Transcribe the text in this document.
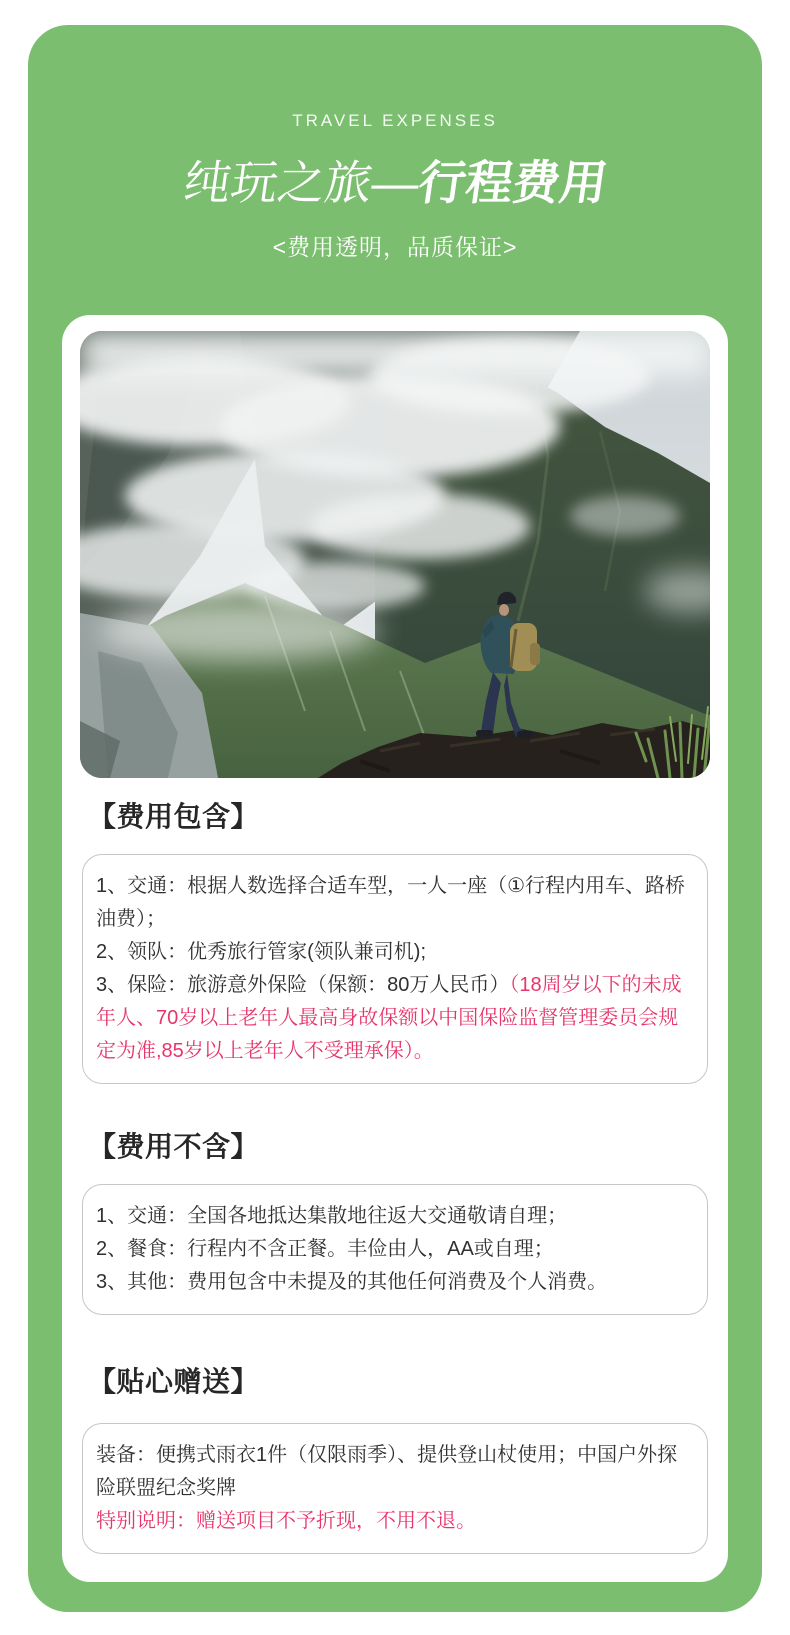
TRAVEL EXPENSES
纯玩之旅—行程费用
<费用透明，品质保证>
【费用包含】

1、交通：根据人数选择合适车型，一人一座（①行程内用车、路桥油费）；

2、领队：优秀旅行管家(领队兼司机);

3、保险：旅游意外保险（保额：80万人民币）（18周岁以下的未成年人、70岁以上老年人最高身故保额以中国保险监督管理委员会规定为准,85岁以上老年人不受理承保）。

【费用不含】

1、交通：全国各地抵达集散地往返大交通敬请自理；

2、餐食：行程内不含正餐。丰俭由人，AA或自理；

3、其他：费用包含中未提及的其他任何消费及个人消费。

【贴心赠送】

装备：便携式雨衣1件（仅限雨季）、提供登山杖使用；中国户外探险联盟纪念奖牌

特别说明：赠送项目不予折现，不用不退。
